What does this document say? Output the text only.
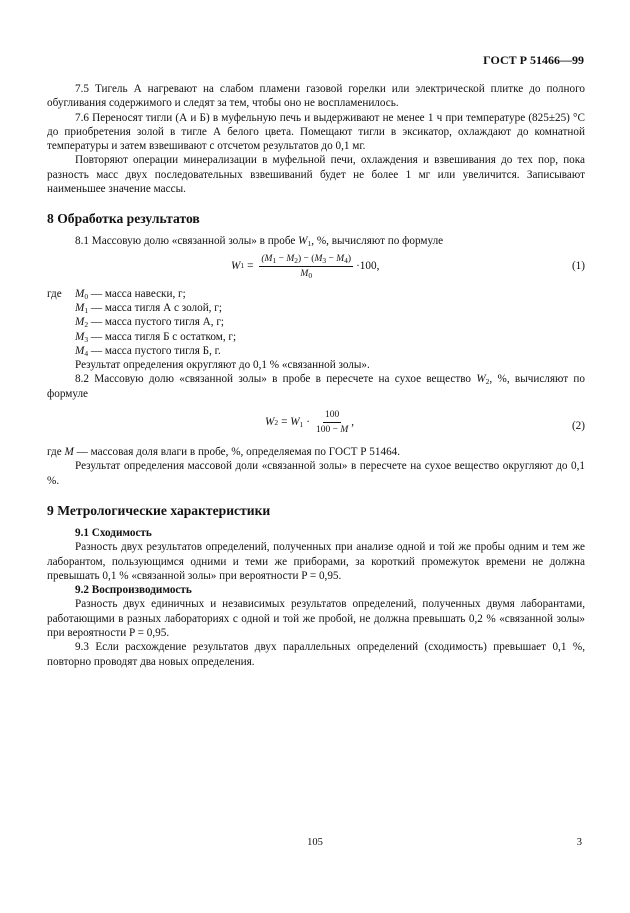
ГОСТ Р 51466—99

7.5 Тигель А нагревают на слабом пламени газовой горелки или электрической плитке до полного обугливания содержимого и следят за тем, чтобы оно не воспламенилось.

7.6 Переносят тигли (А и Б) в муфельную печь и выдерживают не менее 1 ч при температуре (825±25) °С до приобретения золой в тигле А белого цвета. Помещают тигли в эксикатор, охлаждают до комнатной температуры и затем взвешивают с отсчетом результатов до 0,1 мг.

Повторяют операции минерализации в муфельной печи, охлаждения и взвешивания до тех пор, пока разность масс двух последовательных взвешиваний будет не более 1 мг или увеличится. Записывают наименьшее значение массы.

8 Обработка результатов

8.1 Массовую долю «связанной золы» в пробе $W_1$, %, вычисляют по формуле

W $1 = \frac{(M_1 - M_2) - (M_3 - M_4)}{M_0} \cdot 100$,	(1)
где	$M_0$ — масса навески, г;
$M_1$ — масса тигля А с золой, г;
$M_2$ — масса пустого тигля А, г;
$M_3$ — масса тигля Б с остатком, г;
$M_4$ — масса пустого тигля Б, г.

Результат определения округляют до 0,1 % «связанной золы».

8.2 Массовую долю «связанной золы» в пробе в пересчете на сухое вещество $W_2$, %, вычисляют по формуле

W $2 = W_1 \cdot \frac{100}{100 - M}$ ,	(2)

где M — массовая доля влаги в пробе, %, определяемая по ГОСТ Р 51464.

Результат определения массовой доли «связанной золы» в пересчете на сухое вещество округляют до 0,1 %.

9 Метрологические характеристики
9.1 Сходимость

Разность двух результатов определений, полученных при анализе одной и той же пробы одним и тем же лаборантом, пользующимся одними и теми же приборами, за короткий промежуток времени не должна превышать 0,1 % «связанной золы» при вероятности P = 0,95.

9.2 Воспроизводимость

Разность двух единичных и независимых результатов определений, полученных двумя лаборантами, работающими в разных лабораториях с одной и той же пробой, не должна превышать 0,2 % «связанной золы» при вероятности P = 0,95.

9.3 Если расхождение результатов двух параллельных определений (сходимость) превышает 0,1 %, повторно проводят два новых определения.

105	3
